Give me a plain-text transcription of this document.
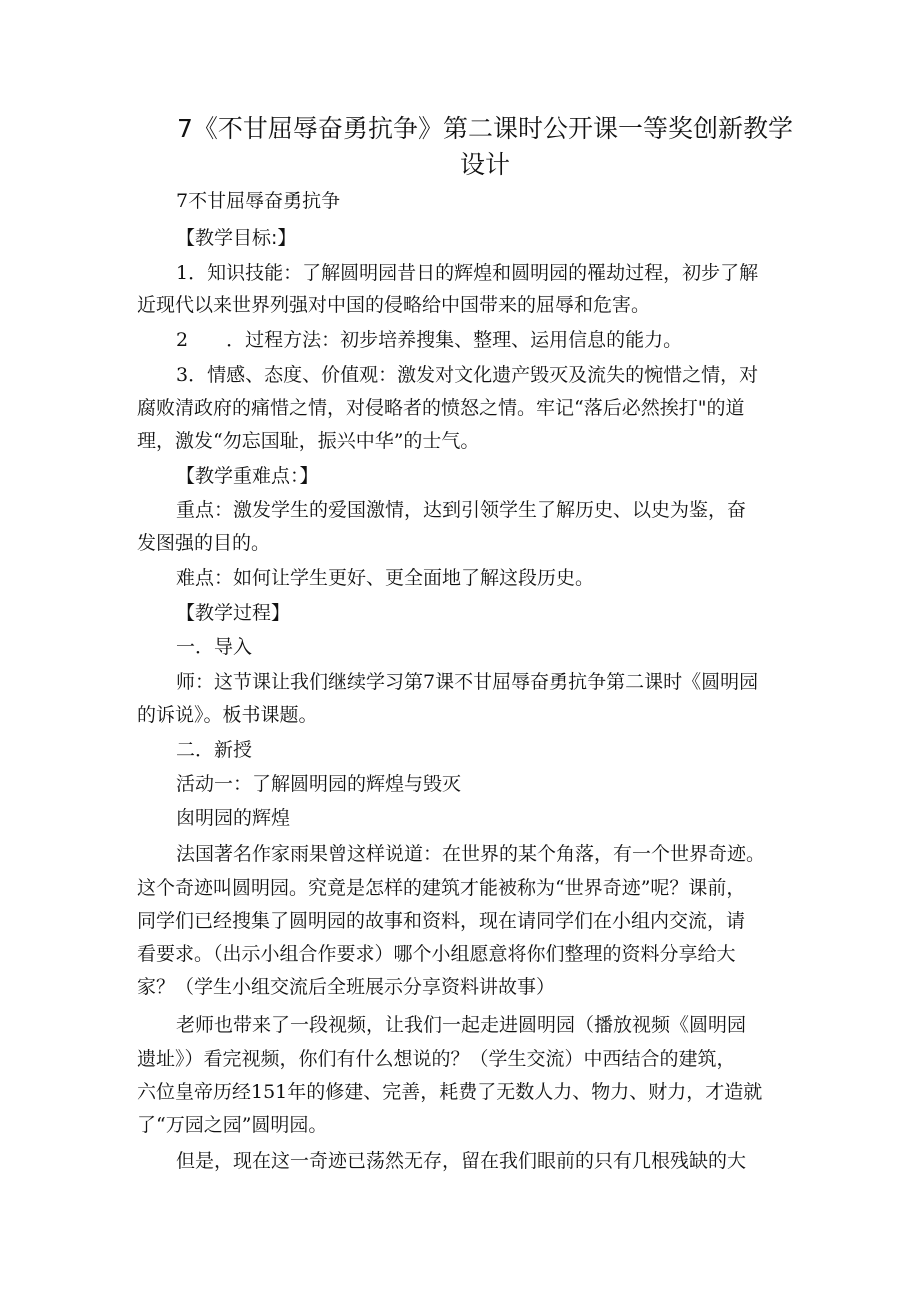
7《不甘屈辱奋勇抗争》第二课时公开课一等奖创新教学
设计
7不甘屈辱奋勇抗争
【教学目标:】
1．知识技能：了解圆明园昔日的辉煌和圆明园的罹劫过程，初步了解
近现代以来世界列强对中国的侵略给中国带来的屈辱和危害。
2　　．过程方法：初步培养搜集、整理、运用信息的能力。
3．情感、态度、价值观：激发对文化遗产毁灭及流失的惋惜之情，对
腐败清政府的痛惜之情，对侵略者的愤怒之情。牢记“落后必然挨打"的道
理，激发“勿忘国耻，振兴中华”的士气。
【教学重难点：】
重点：激发学生的爱国激情，达到引领学生了解历史、以史为鉴，奋
发图强的目的。
难点：如何让学生更好、更全面地了解这段历史。
【教学过程】
一．导入
师：这节课让我们继续学习第7课不甘屈辱奋勇抗争第二课时《圆明园
的诉说》。板书课题。
二．新授
活动一：了解圆明园的辉煌与毁灭
囱明园的辉煌
法国著名作家雨果曾这样说道：在世界的某个角落，有一个世界奇迹。
这个奇迹叫圆明园。究竟是怎样的建筑才能被称为“世界奇迹”呢？课前，
同学们已经搜集了圆明园的故事和资料，现在请同学们在小组内交流，请
看要求。（出示小组合作要求）哪个小组愿意将你们整理的资料分享给大
家？（学生小组交流后全班展示分享资料讲故事）
老师也带来了一段视频，让我们一起走进圆明园（播放视频《圆明园
遗址》）看完视频，你们有什么想说的？（学生交流）中西结合的建筑，
六位皇帝历经151年的修建、完善，耗费了无数人力、物力、财力，才造就
了“万园之园”圆明园。
但是，现在这一奇迹已荡然无存，留在我们眼前的只有几根残缺的大
